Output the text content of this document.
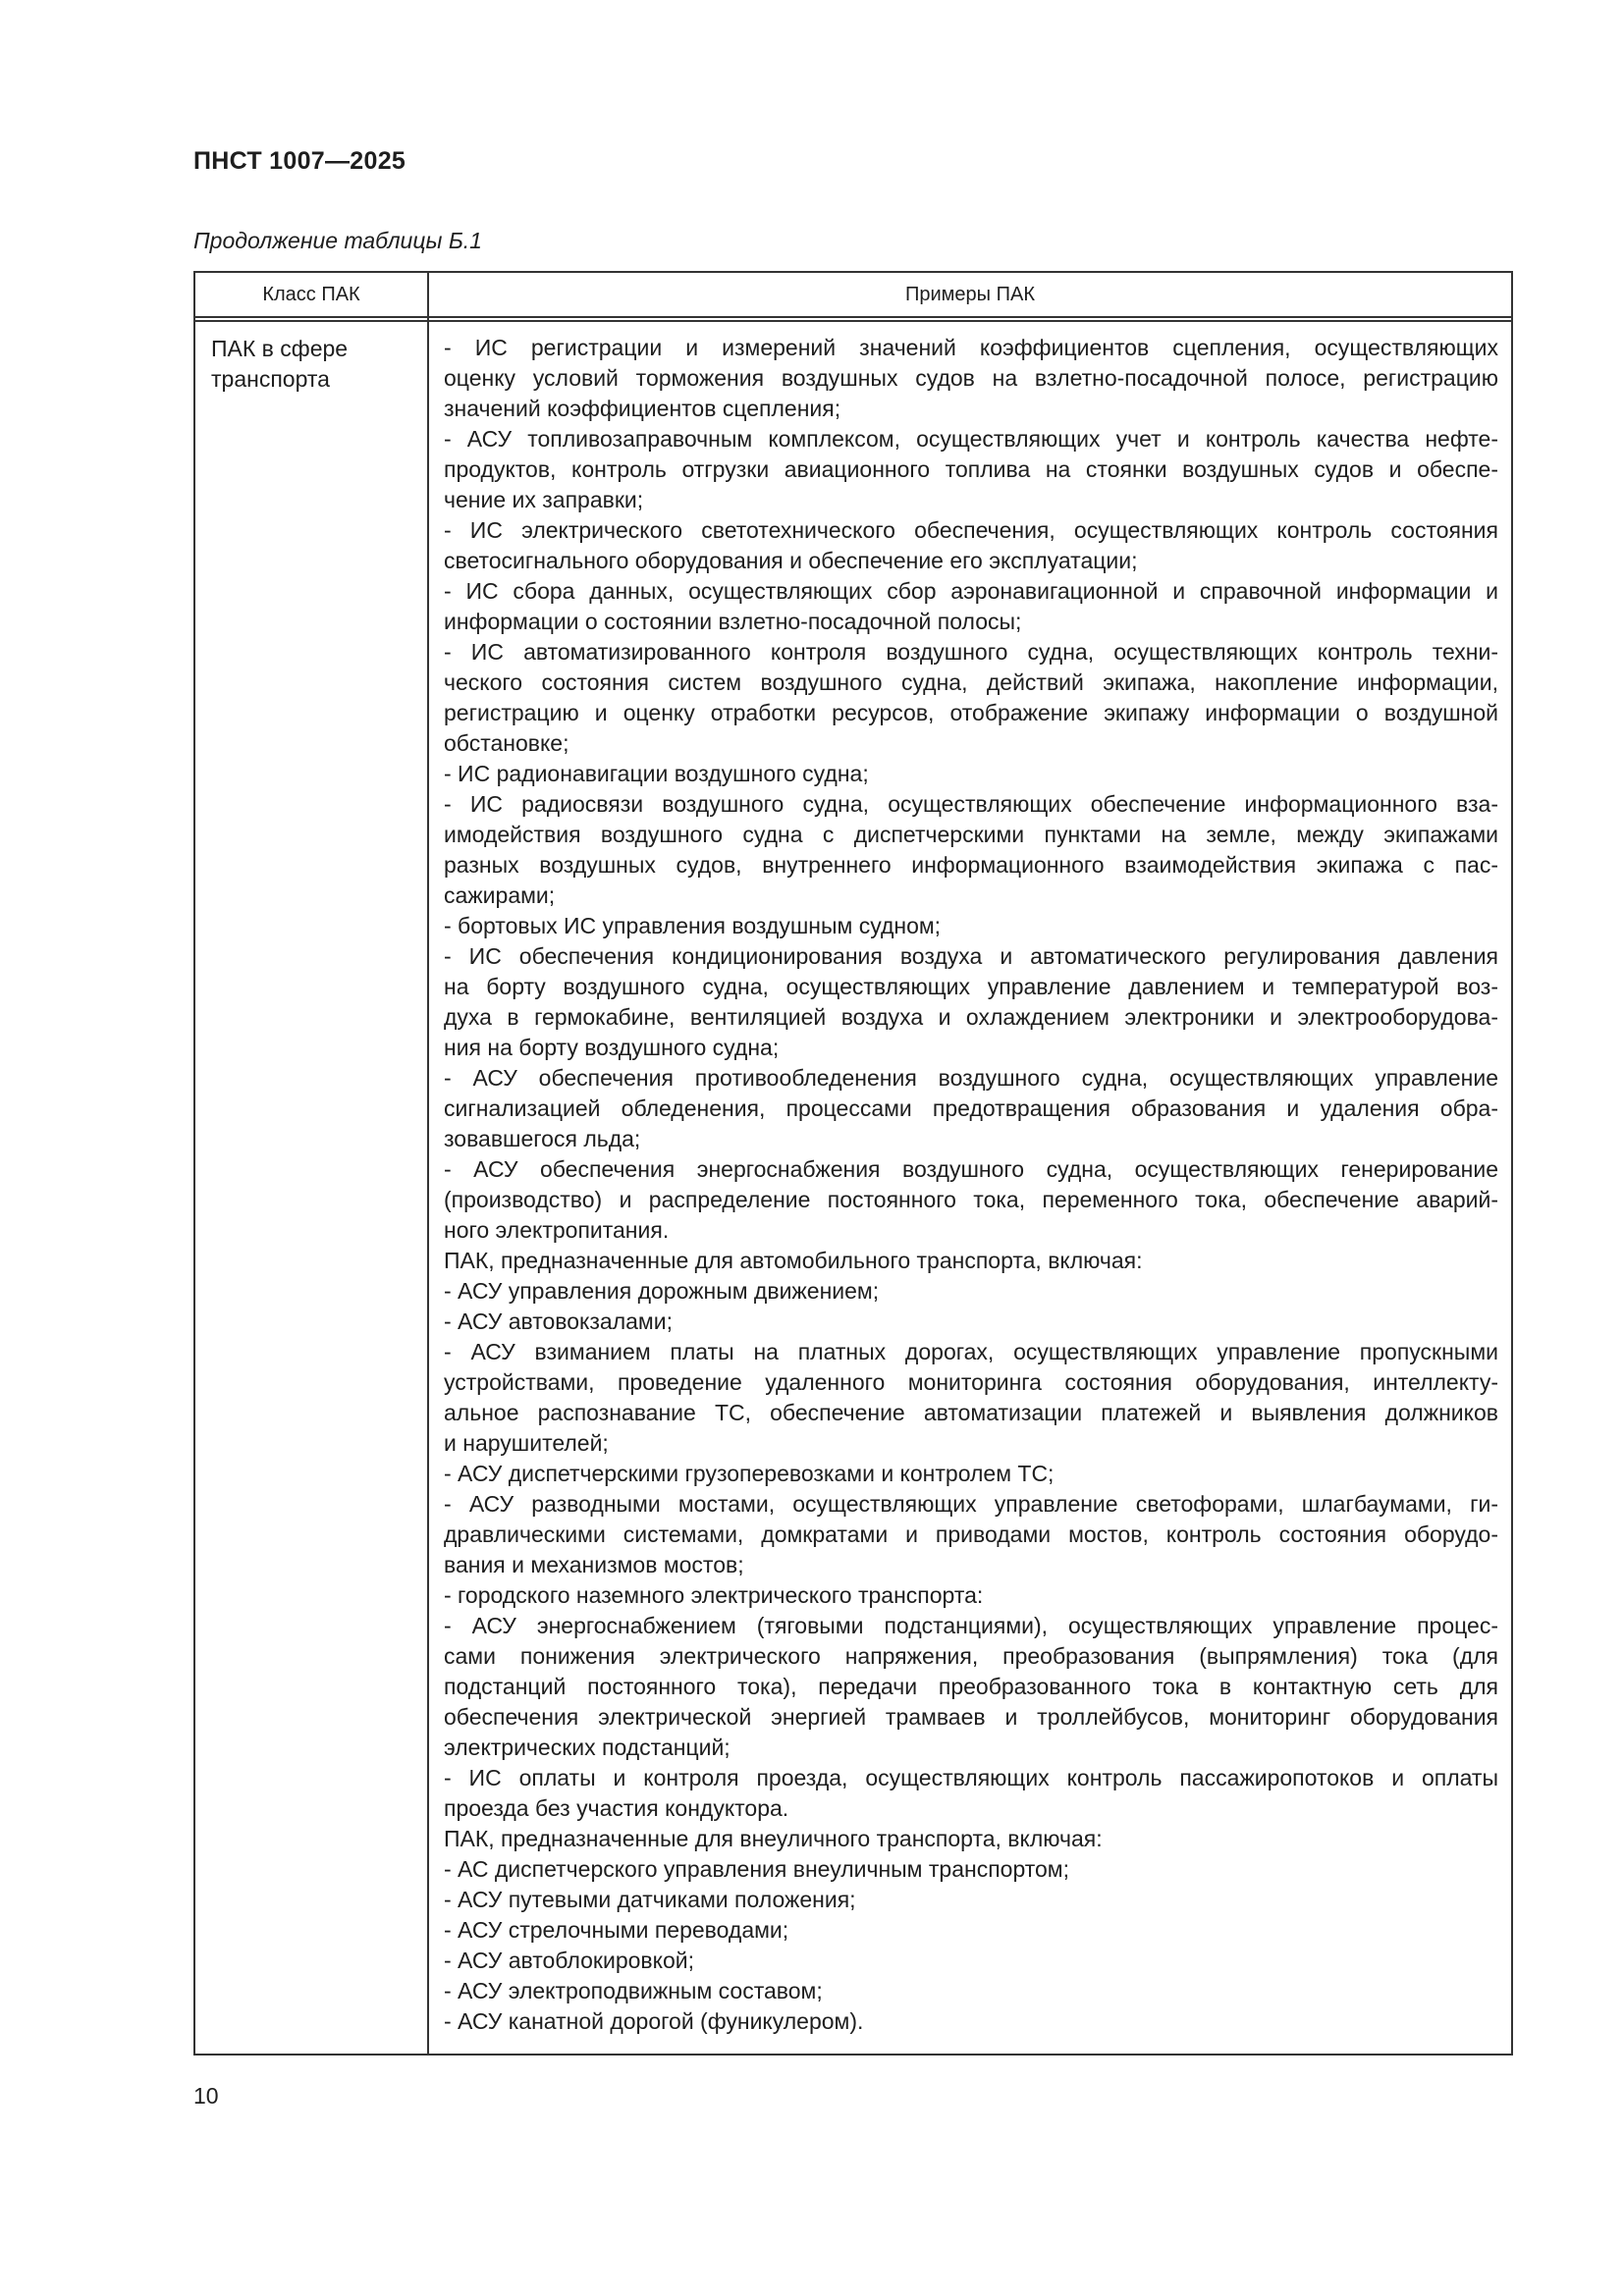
ПНСТ 1007—2025
Продолжение таблицы Б.1
Класс ПАК	Примеры ПАК
ПАК в сфере
транспорта
- ИС регистрации и измерений значений коэффициентов сцепления, осуществляющих
оценку условий торможения воздушных судов на взлетно-посадочной полосе, регистрацию
значений коэффициентов сцепления;
- АСУ топливозаправочным комплексом, осуществляющих учет и контроль качества нефте-
продуктов, контроль отгрузки авиационного топлива на стоянки воздушных судов и обеспе-
чение их заправки;
- ИС электрического светотехнического обеспечения, осуществляющих контроль состояния
светосигнального оборудования и обеспечение его эксплуатации;
- ИС сбора данных, осуществляющих сбор аэронавигационной и справочной информации и
информации о состоянии взлетно-посадочной полосы;
- ИС автоматизированного контроля воздушного судна, осуществляющих контроль техни-
ческого состояния систем воздушного судна, действий экипажа, накопление информации,
регистрацию и оценку отработки ресурсов, отображение экипажу информации о воздушной
обстановке;
- ИС радионавигации воздушного судна;
- ИС радиосвязи воздушного судна, осуществляющих обеспечение информационного вза-
имодействия воздушного судна с диспетчерскими пунктами на земле, между экипажами
разных воздушных судов, внутреннего информационного взаимодействия экипажа с пас-
сажирами;
- бортовых ИС управления воздушным судном;
- ИС обеспечения кондиционирования воздуха и автоматического регулирования давления
на борту воздушного судна, осуществляющих управление давлением и температурой воз-
духа в гермокабине, вентиляцией воздуха и охлаждением электроники и электрооборудова-
ния на борту воздушного судна;
- АСУ обеспечения противообледенения воздушного судна, осуществляющих управление
сигнализацией обледенения, процессами предотвращения образования и удаления обра-
зовавшегося льда;
- АСУ обеспечения энергоснабжения воздушного судна, осуществляющих генерирование
(производство) и распределение постоянного тока, переменного тока, обеспечение аварий-
ного электропитания.
ПАК, предназначенные для автомобильного транспорта, включая:
- АСУ управления дорожным движением;
- АСУ автовокзалами;
- АСУ взиманием платы на платных дорогах, осуществляющих управление пропускными
устройствами, проведение удаленного мониторинга состояния оборудования, интеллекту-
альное распознавание ТС, обеспечение автоматизации платежей и выявления должников
и нарушителей;
- АСУ диспетчерскими грузоперевозками и контролем ТС;
- АСУ разводными мостами, осуществляющих управление светофорами, шлагбаумами, ги-
дравлическими системами, домкратами и приводами мостов, контроль состояния оборудо-
вания и механизмов мостов;
- городского наземного электрического транспорта:
- АСУ энергоснабжением (тяговыми подстанциями), осуществляющих управление процес-
сами понижения электрического напряжения, преобразования (выпрямления) тока (для
подстанций постоянного тока), передачи преобразованного тока в контактную сеть для
обеспечения электрической энергией трамваев и троллейбусов, мониторинг оборудования
электрических подстанций;
- ИС оплаты и контроля проезда, осуществляющих контроль пассажиропотоков и оплаты
проезда без участия кондуктора.
ПАК, предназначенные для внеуличного транспорта, включая:
- АС диспетчерского управления внеуличным транспортом;
- АСУ путевыми датчиками положения;
- АСУ стрелочными переводами;
- АСУ автоблокировкой;
- АСУ электроподвижным составом;
- АСУ канатной дорогой (фуникулером).
10
